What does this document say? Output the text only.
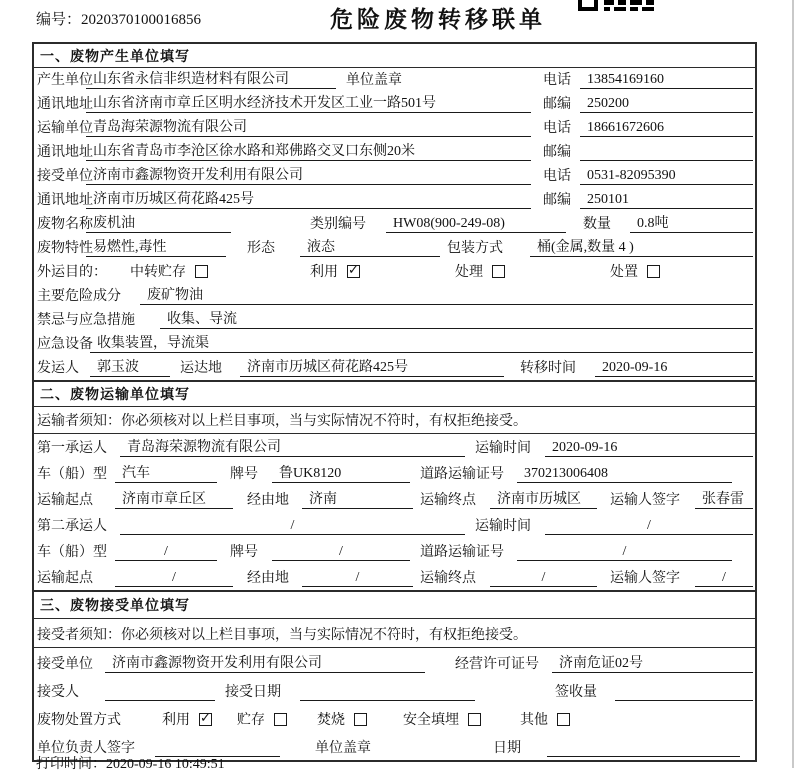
编号：2020370100016856	危险废物转移联单
一、废物产生单位填写
产生单位 山东省永信非织造材料有限公司	单位盖章	电话	13854169160
通讯地址 山东省济南市章丘区明水经济技术开发区工业一路501号	邮编	250200
运输单位 青岛海荣源物流有限公司	电话	18661672606
通讯地址 山东省青岛市李沧区徐水路和郑佛路交叉口东侧20米	邮编
接受单位 济南市鑫源物资开发利用有限公司	电话	0531-82095390
通讯地址 济南市历城区荷花路425号	邮编	250101
废物名称 废机油	类别编号	HW08(900-249-08)	数量	0.8吨
废物特性 易燃性,毒性	形态	液态	包装方式	桶(金属,数量 4 )
外运目的： 中转贮存	利用 ✓	处理	处置
主要危险成分	废矿物油
禁忌与应急措施	收集、导流
应急设备 收集装置，导流渠
发运人	郭玉波	运达地	济南市历城区荷花路425号	转移时间	2020-09-16
二、废物运输单位填写
运输者须知：你必须核对以上栏目事项，当与实际情况不符时，有权拒绝接受。
第一承运人	青岛海荣源物流有限公司	运输时间	2020-09-16
车（船）型	汽车	牌号	鲁UK8120	道路运输证号	370213006408
运输起点	济南市章丘区	经由地	济南	运输终点	济南市历城区	运输人签字	张春雷
第二承运人	/	运输时间	/
车（船）型	/	牌号	/	道路运输证号	/
运输起点	/	经由地	/	运输终点	/	运输人签字	/
三、废物接受单位填写
接受者须知：你必须核对以上栏目事项，当与实际情况不符时，有权拒绝接受。
接受单位	济南市鑫源物资开发利用有限公司	经营许可证号	济南危证02号
接受人	接受日期	签收量
废物处置方式	利用 ✓	贮存	焚烧	安全填埋	其他
单位负责人签字	单位盖章	日期
打印时间：2020-09-16 10:49:51
